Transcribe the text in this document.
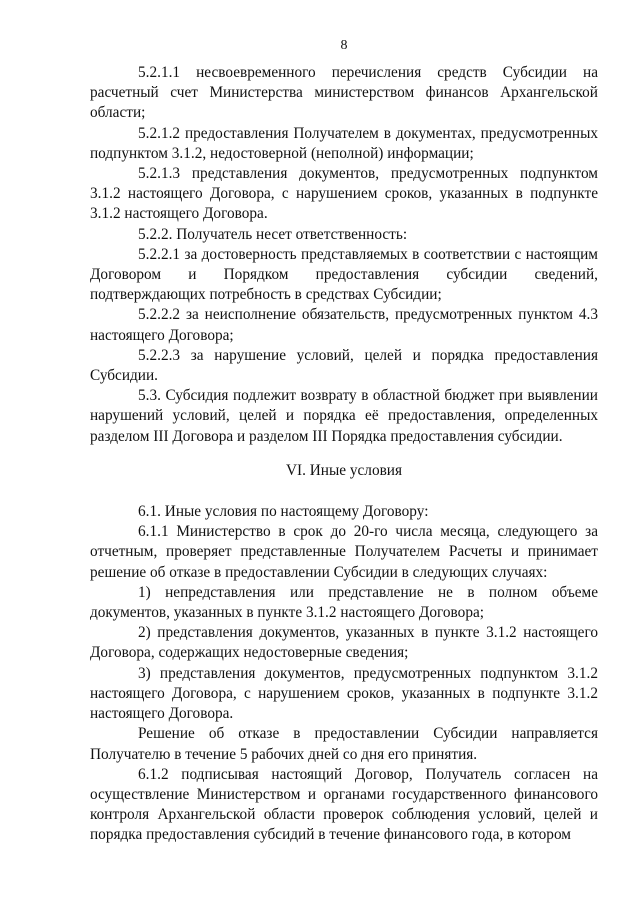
8

5.2.1.1 несвоевременного перечисления средств Субсидии на расчетный счет Министерства министерством финансов Архангельской области;

5.2.1.2 предоставления Получателем в документах, предусмотренных подпунктом 3.1.2, недостоверной (неполной) информации;

5.2.1.3 представления документов, предусмотренных подпунктом 3.1.2 настоящего Договора, с нарушением сроков, указанных в подпункте 3.1.2 настоящего Договора.

5.2.2. Получатель несет ответственность:

5.2.2.1 за достоверность представляемых в соответствии с настоящим Договором и Порядком предоставления субсидии сведений, подтверждающих потребность в средствах Субсидии;

5.2.2.2 за неисполнение обязательств, предусмотренных пунктом 4.3 настоящего Договора;

5.2.2.3 за нарушение условий, целей и порядка предоставления Субсидии.

5.3. Субсидия подлежит возврату в областной бюджет при выявлении нарушений условий, целей и порядка её предоставления, определенных разделом III Договора и разделом III Порядка предоставления субсидии.

VI. Иные условия

6.1. Иные условия по настоящему Договору:

6.1.1 Министерство в срок до 20-го числа месяца, следующего за отчетным, проверяет представленные Получателем Расчеты и принимает решение об отказе в предоставлении Субсидии в следующих случаях:

1) непредставления или представление не в полном объеме документов, указанных в пункте 3.1.2 настоящего Договора;

2) представления документов, указанных в пункте 3.1.2 настоящего Договора, содержащих недостоверные сведения;

3) представления документов, предусмотренных подпунктом 3.1.2 настоящего Договора, с нарушением сроков, указанных в подпункте 3.1.2 настоящего Договора.

Решение об отказе в предоставлении Субсидии направляется Получателю в течение 5 рабочих дней со дня его принятия.

6.1.2 подписывая настоящий Договор, Получатель согласен на осуществление Министерством и органами государственного финансового контроля Архангельской области проверок соблюдения условий, целей и порядка предоставления субсидий в течение финансового года, в котором
